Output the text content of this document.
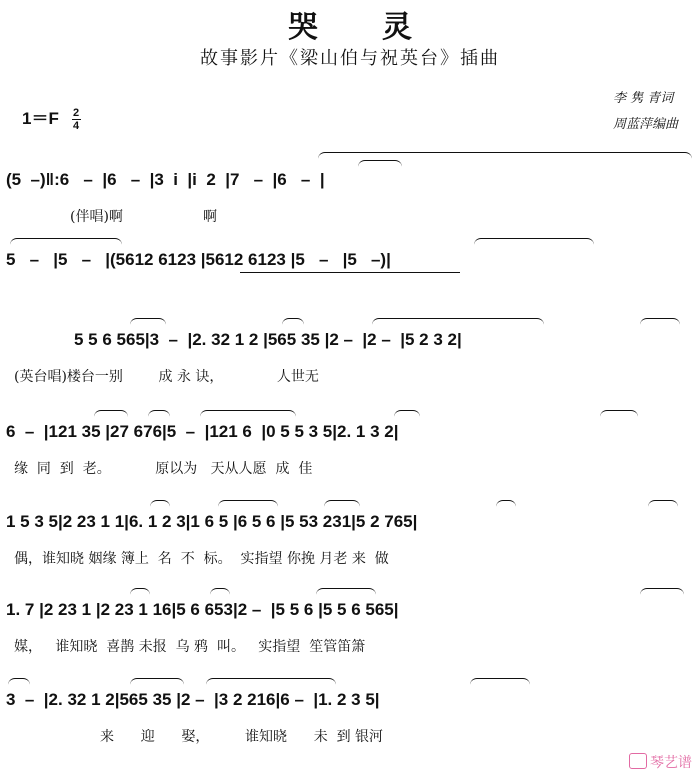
哭灵
故事影片《梁山伯与祝英台》插曲
$1=F \frac{2}{4}$
李 隽 青词
周蓝萍编曲
(5  –)‖:6   –  |6   –  |3  i  |i  2  |7   –  |6   –  |
(伴唱)啊                  啊
5   –   |5   –   |(5612 6123 |5612 6123 |5   –   |5   –)|
5 5 6 565|3  –  |2. 32 1 2 |565 35 |2 –  |2 –  |5 2 3 2|
(英台唱)楼台一别        成 永 诀，            人世无
6  –  |121 35 |27 676|5  –  |121 6  |0 5 5 3 5|2. 1 3 2|
缘  同  到  老。          原以为   天从人愿  成  佳
1 5 3 5|2 23 1 1|6. 1 2 3|1 6 5 |6 5 6 |5 53 231|5 2 765|
偶，谁知晓 姻缘 簿上  名  不  标。  实指望 你挽 月老 来  做
1. 7 |2 23 1 |2 23 1 16|5 6 653|2 –  |5 5 6 |5 5 6 565|
媒，   谁知晓  喜鹊 未报  乌 鸦  叫。   实指望  笙管笛箫
3  –  |2. 32 1 2|565 35 |2 –  |3 2 216|6 –  |1. 2 3 5|
来      迎      娶，        谁知晓      未  到 银河
琴艺谱
